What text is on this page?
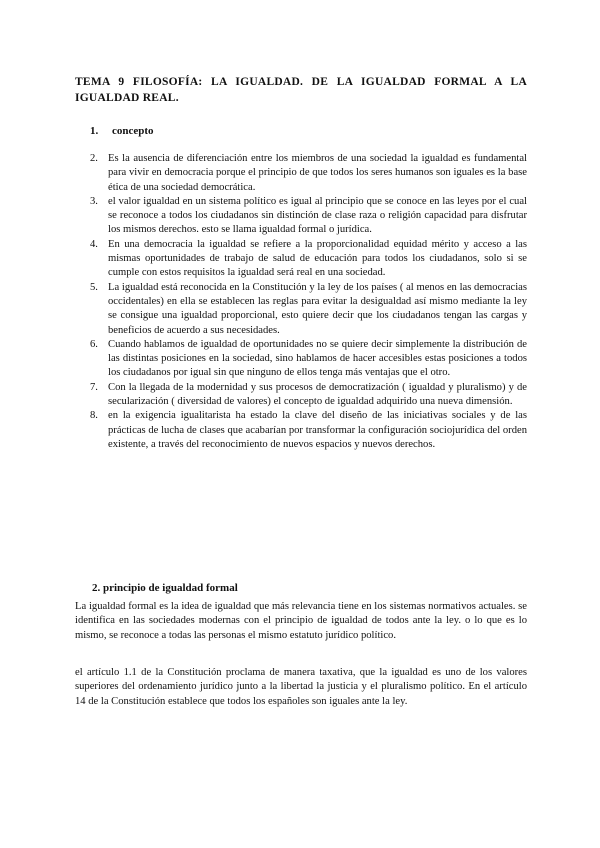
TEMA 9 FILOSOFÍA: LA IGUALDAD. DE LA IGUALDAD FORMAL A LA IGUALDAD REAL.
1. concepto
2. Es la ausencia de diferenciación entre los miembros de una sociedad la igualdad es fundamental para vivir en democracia porque el principio de que todos los seres humanos son iguales es la base ética de una sociedad democrática.
3. el valor igualdad en un sistema político es igual al principio que se conoce en las leyes por el cual se reconoce a todos los ciudadanos sin distinción de clase raza o religión capacidad para disfrutar los mismos derechos. esto se llama igualdad formal o jurídica.
4. En una democracia la igualdad se refiere a la proporcionalidad equidad mérito y acceso a las mismas oportunidades de trabajo de salud de educación para todos los ciudadanos, solo si se cumple con estos requisitos la igualdad será real en una sociedad.
5. La igualdad está reconocida en la Constitución y la ley de los países ( al menos en las democracias occidentales) en ella se establecen las reglas para evitar la desigualdad así mismo mediante la ley se consigue una igualdad proporcional, esto quiere decir que los ciudadanos tengan las cargas y beneficios de acuerdo a sus necesidades.
6. Cuando hablamos de igualdad de oportunidades no se quiere decir simplemente la distribución de las distintas posiciones en la sociedad, sino hablamos de hacer accesibles estas posiciones a todos los ciudadanos por igual sin que ninguno de ellos tenga más ventajas que el otro.
7. Con la llegada de la modernidad y sus procesos de democratización ( igualdad y pluralismo) y de secularización ( diversidad de valores) el concepto de igualdad adquirido una nueva dimensión.
8. en la exigencia igualitarista ha estado la clave del diseño de las iniciativas sociales y de las prácticas de lucha de clases que acabarían por transformar la configuración sociojurídica del orden existente, a través del reconocimiento de nuevos espacios y nuevos derechos.
2. principio de igualdad formal

La igualdad formal es la idea de igualdad que más relevancia tiene en los sistemas normativos actuales. se identifica en las sociedades modernas con el principio de igualdad de todos ante la ley. o lo que es lo mismo, se reconoce a todas las personas el mismo estatuto jurídico político.

el artículo 1.1 de la Constitución proclama de manera taxativa, que la igualdad es uno de los valores superiores del ordenamiento jurídico junto a la libertad la justicia y el pluralismo político. En el artículo 14 de la Constitución establece que todos los españoles son iguales ante la ley.
